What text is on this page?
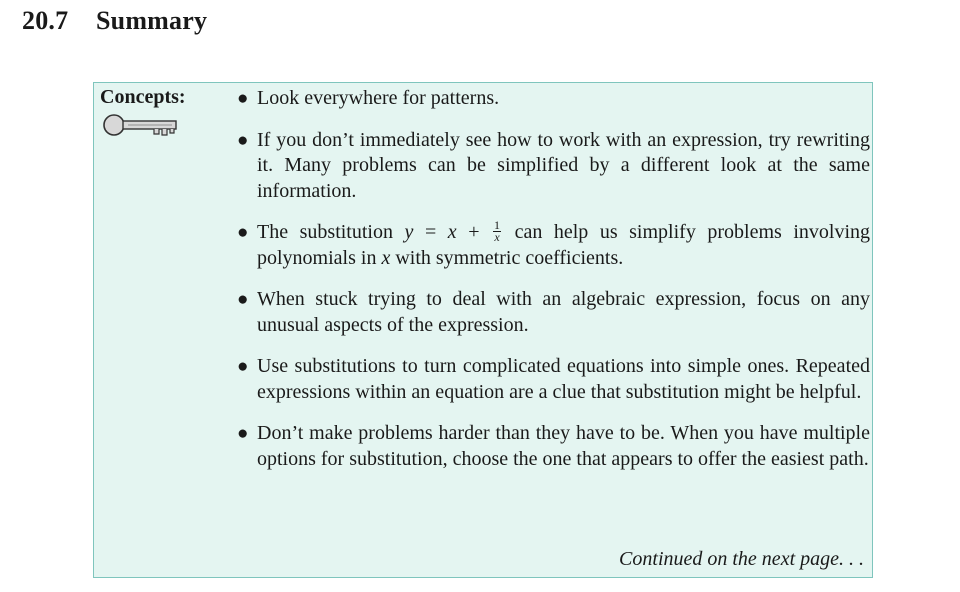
20.7 Summary
Concepts:	● Look everywhere for patterns.
● If you don’t immediately see how to work with an expression, try rewriting it. Many problems can be simplified by a different look at the same information.
● The substitution $y = x + \frac{1}{x}$ can help us simplify problems involving polynomials in x with symmetric coefficients.
● When stuck trying to deal with an algebraic expression, focus on any unusual aspects of the expression.
● Use substitutions to turn complicated equations into simple ones. Repeated expressions within an equation are a clue that substitution might be helpful.
● Don’t make problems harder than they have to be. When you have multiple options for substitution, choose the one that appears to offer the easiest path.
Continued on the next page. . .
